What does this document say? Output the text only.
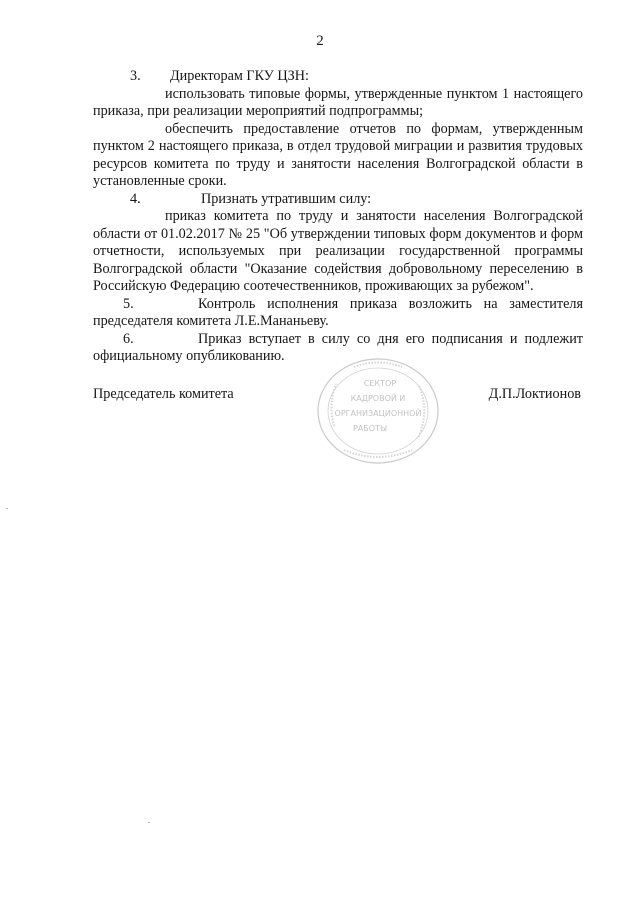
2
3.	Директорам ГКУ ЦЗН:

использовать типовые формы, утвержденные пунктом 1 настоящего приказа, при реализации мероприятий подпрограммы;

обеспечить предоставление отчетов по формам, утвержденным пунктом 2 настоящего приказа, в отдел трудовой миграции и развития трудовых ресурсов комитета по труду и занятости населения Волгоградской области в установленные сроки.

4.	Признать утратившим силу:

приказ комитета по труду и занятости населения Волгоградской области от 01.02.2017 № 25 "Об утверждении типовых форм документов и форм отчетности, используемых при реализации государственной программы Волгоградской области "Оказание содействия добровольному переселению в Российскую Федерацию соотечественников, проживающих за рубежом".

5.	Контроль исполнения приказа возложить на заместителя председателя комитета Л.Е.Мананьеву.

6.	Приказ вступает в силу со дня его подписания и подлежит официальному опубликованию.

СЕКТОР
КАДРОВОЙ И
ОРГАНИЗАЦИОННОЙ
РАБОТЫ
Председатель комитета	Д.П.Локтионов
